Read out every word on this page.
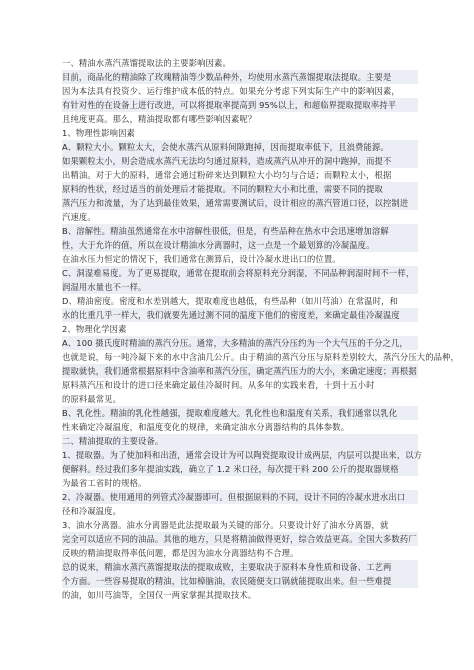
一、精油水蒸汽蒸馏提取法的主要影响因素。
目前，商品化的精油除了玫瑰精油等少数品种外，均使用水蒸汽蒸馏提取法提取。主要是
因为本法具有投资少、运行维护成本低的特点。如果充分考虑下列实际生产中的影响因素，
有针对性的在设备上进行改进，可以将提取率提高到 95%以上，和超临界提取提取率持平
且纯度更高。那么，精油提取都有哪些影响因素呢？
1、物理性影响因素
A、颗粒大小。颗粒太大，会使水蒸汽从原料间隙跑掉，因而提取率低下，且浪费能源。
如果颗粒太小，则会造成水蒸汽无法均匀通过原料，造成蒸汽从冲开的洞中跑掉，而提不
出精油。对于大的原料，通常会通过粉碎来达到颗粒大小均匀与合适；而颗粒太小，根据
原料的性状，经过适当的前处理后才能提取。不同的颗粒大小和比重，需要不同的提取
蒸汽压力和流量，为了达到最佳效果，通常需要测试后，设计相应的蒸汽管道口径，以控制进
汽速度。
B、溶解性。精油虽然通常在水中溶解性很低，但是，有些品种在热水中会迅速增加溶解
性，大于允许的值，所以在设计精油水分离器时，这一点是一个最划算的冷凝温度。
在油水压力恒定的情况下，我们通常在测算后，设计冷凝水进出口的位置。
C、洞湿难易度。为了更易提取，通常在提取前会将原料充分润湿，不同品种润湿时间不一样，
润湿用水量也不一样。
D、精油密度。密度和水差别越大，提取难度也越低，有些品种（如川芎油）在常温时，和
水的比重几乎一样大，我们就要先通过测不同的温度下他们的密度差，来确定最佳冷凝温度
2、物理化学因素
A、100 摄氏度时精油的蒸汽分压。通常，大多精油的蒸汽分压约为一个大气压的千分之几，
也就是说，每一吨冷凝下来的水中含油几公斤。由于精油的蒸汽分压与原料差别较大，蒸汽分压大的品种，
提取就快，我们通常根据原料中含油率和蒸汽分压，确定蒸汽压力的大小，来确定速度；再根据
原料蒸汽压和设计的进口径来确定最佳冷凝时间。从多年的实践来看，十到十五小时
的原料最常见。
B、乳化性。精油的乳化性越强，提取难度越大。乳化性也和温度有关系，我们通常以乳化
性来确定冷凝温度，和温度变化的规律，来确定油水分离器结构的具体参数。
二、精油提取的主要设备。
1、提取器。为了使加料和出渣，通常会设计为可以陶瓷提取设计成两层，内层可以提出来，以方
便解料。经过我们多年提油实践，确立了 1.2 米口径，每次提干料 200 公斤的提取器规格
为最省工省时的规格。
2、冷凝器。使用通用的列管式冷凝器即可。但根据原料的不同，设计不同的冷凝水进水出口
径和冷凝温度。
3、油水分离器。油水分离器是此法提取最为关键的部分。只要设计好了油水分离器，就
完全可以适应不同的油品。其他的地方，只是将精油做得更好，综合效益更高。全国大多数药厂
反映的精油提取得率低问题，都是因为油水分离器结构不合理。
总的说来，精油水蒸汽蒸馏提取法的提取成败，主要取决于原料本身性质和设备、工艺两
个方面。一些容易提取的精油，比如樟脑油，农民随便支口锅就能提取出来。但一些难提
的油，如川芎油等，全国仅一两家掌握其提取技术。
